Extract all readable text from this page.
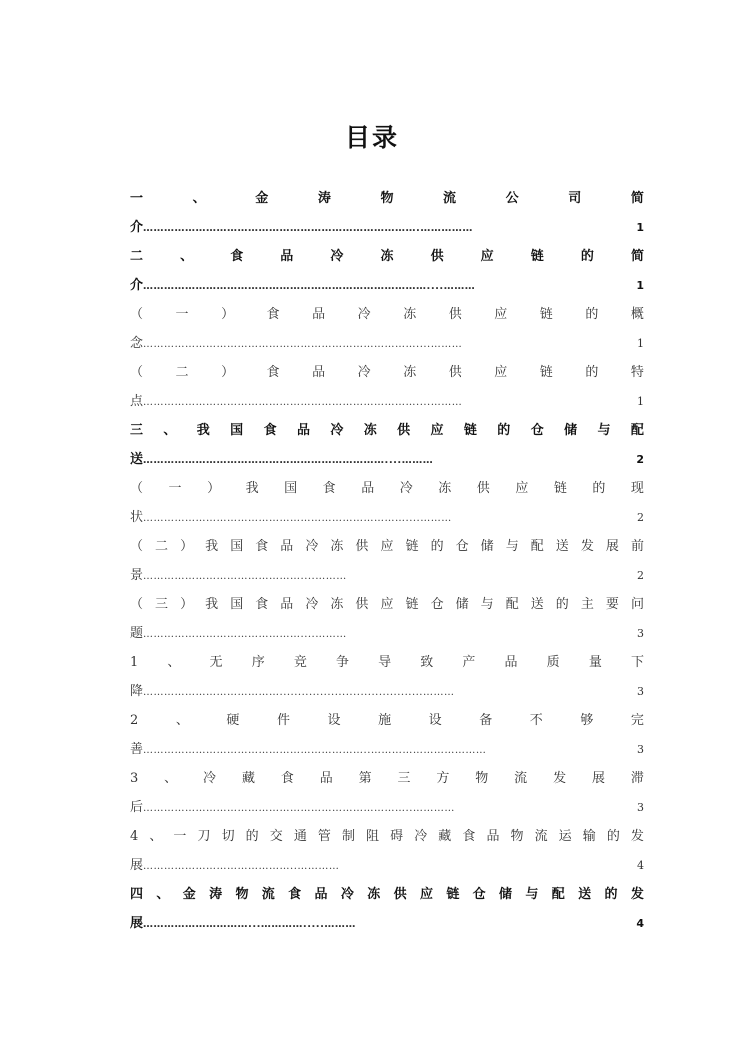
目录
一	、	金	涛	物	流	公	司	简
介 …………………………………………………………………….……………	1
二	、	食	品	冷	冻	供	应	链	的	简
介 ………………………………………………………………………....………	1
（	一	）	食	品	冷	冻	供	应	链	的	概
念 ……………………………………………………………………....………	1
（	二	）	食	品	冷	冻	供	应	链	的	特
点 ……………………………………………………………………....………	1
三 、 我 国 食 品 冷 冻 供 应 链 的 仓 储 与 配
送 ……………………………………………………………....………	2
（ 一 ） 我 国 食 品 冷 冻 供 应 链 的 现
状 …………………………………………………………………....………	2
（ 二 ） 我 国 食 品 冷 冻 供 应 链 的 仓 储 与 配 送 发 展 前
景 ………………………………………....………	2
（ 三 ） 我 国 食 品 冷 冻 供 应 链 仓 储 与 配 送 的 主 要 问
题 ………………………………………....………	3
1 、 无 序 竞 争 导 致 产 品 质 量 下
降 ………………………………….......................................………	3
2	、	硬	件	设	施	设	备	不	够	完
善 ………………………………………………………..……………………………	3
3 、 冷 藏 食 品 第 三 方 物 流 发 展 滞
后 …………………………………………………………………..…………	3
4 、 一 刀 切 的 交 通 管 制 阻 碍 冷 藏 食 品 物 流 运 输 的 发
展 ……………………………………..…………	4
四 、 金 涛 物 流 食 品 冷 冻 供 应 链 仓 储 与 配 送 的 发
展 …………………………...………….....………	4
